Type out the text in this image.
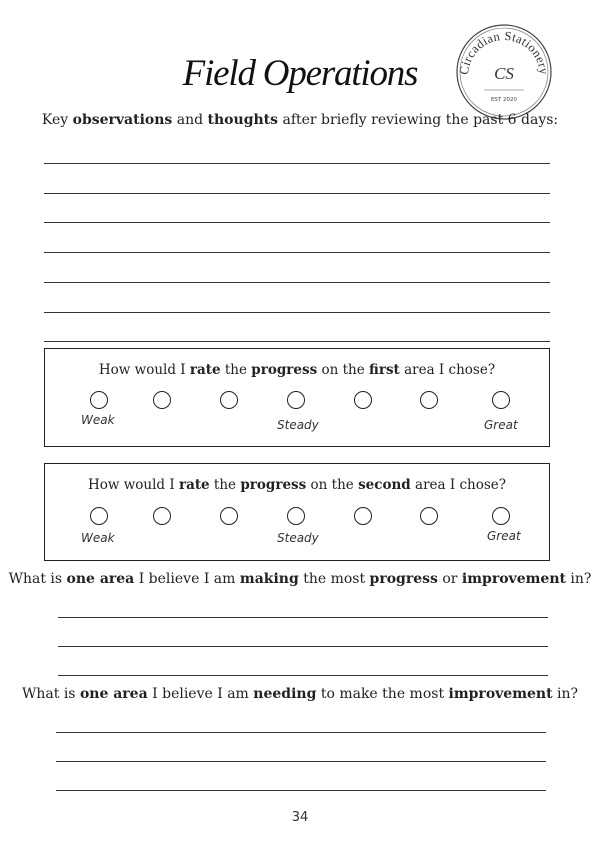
Field Operations	Circadian Stationery
CS
EST 2020
Key observations and thoughts after briefly reviewing the past 6 days:
How would I rate the progress on the first area I chose?
Weak	Steady	Great
How would I rate the progress on the second area I chose?
Weak	Steady	Great
What is one area I believe I am making the most progress or improvement in?
What is one area I believe I am needing to make the most improvement in?
34
